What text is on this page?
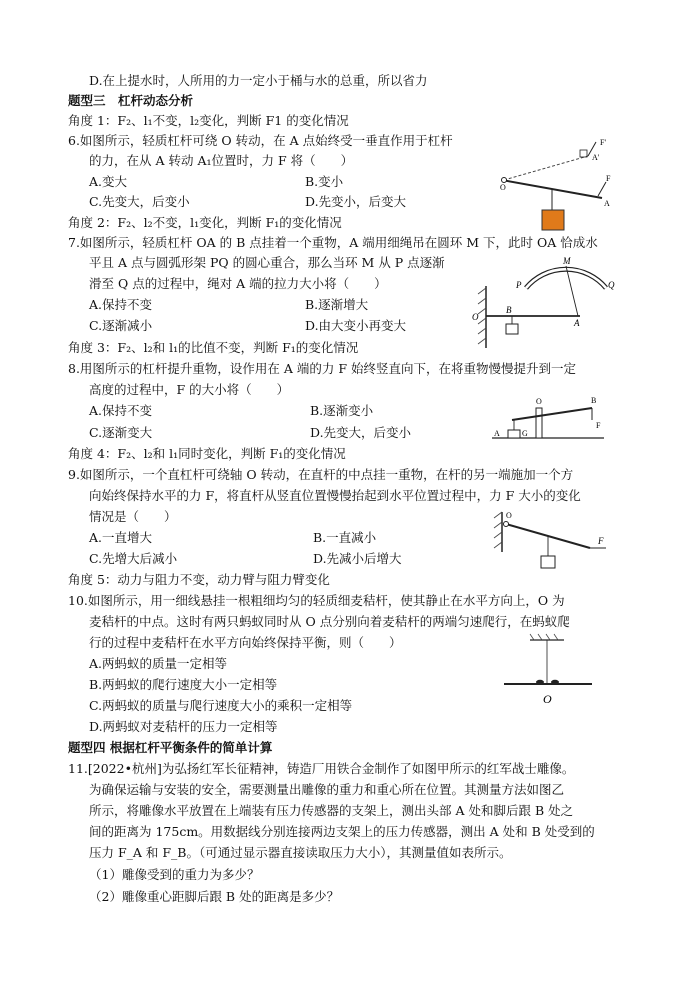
D.在上提水时，人所用的力一定小于桶与水的总重，所以省力
题型三　杠杆动态分析
角度 1：F₂、l₁不变，l₂变化，判断 F1 的变化情况
6.如图所示，轻质杠杆可绕 O 转动，在 A 点始终受一垂直作用于杠杆
的力，在从 A 转动 A₁位置时，力 F 将（　　）
A.变大	B.变小
C.先变大，后变小	D.先变小，后变大
角度 2：F₂、l₂不变，l₁变化，判断 F₁的变化情况
7.如图所示，轻质杠杆 OA 的 B 点挂着一个重物，A 端用细绳吊在圆环 M 下，此时 OA 恰成水
平且 A 点与圆弧形架 PQ 的圆心重合，那么当环 M 从 P 点逐渐
滑至 Q 点的过程中，绳对 A 端的拉力大小将（　　）
A.保持不变	B.逐渐增大
C.逐渐减小	D.由大变小再变大
角度 3：F₂、l₂和 l₁的比值不变，判断 F₁的变化情况
8.用图所示的杠杆提升重物，设作用在 A 端的力 F 始终竖直向下，在将重物慢慢提升到一定
高度的过程中，F 的大小将（　　）
A.保持不变	B.逐渐变小
C.逐渐变大	D.先变大，后变小
角度 4：F₂、l₂和 l₁同时变化，判断 F₁的变化情况
9.如图所示，一个直杠杆可绕轴 O 转动，在直杆的中点挂一重物，在杆的另一端施加一个方
向始终保持水平的力 F，将直杆从竖直位置慢慢抬起到水平位置过程中，力 F 大小的变化
情况是（　　）
A.一直增大	B.一直减小
C.先增大后减小	D.先减小后增大
角度 5：动力与阻力不变，动力臂与阻力臂变化
10.如图所示，用一细线悬挂一根粗细均匀的轻质细麦秸杆，使其静止在水平方向上，O 为
麦秸杆的中点。这时有两只蚂蚁同时从 O 点分别向着麦秸杆的两端匀速爬行，在蚂蚁爬
行的过程中麦秸杆在水平方向始终保持平衡，则（　　）
A.两蚂蚁的质量一定相等
B.两蚂蚁的爬行速度大小一定相等
C.两蚂蚁的质量与爬行速度大小的乘积一定相等
D.两蚂蚁对麦秸杆的压力一定相等
题型四 根据杠杆平衡条件的简单计算
11.[2022•杭州]为弘扬红军长征精神，铸造厂用铁合金制作了如图甲所示的红军战士雕像。
为确保运输与安装的安全，需要测量出雕像的重力和重心所在位置。其测量方法如图乙
所示，将雕像水平放置在上端装有压力传感器的支架上，测出头部 A 处和脚后跟 B 处之
间的距离为 175cm。用数据线分别连接两边支架上的压力传感器，测出 A 处和 B 处受到的
压力 F_A 和 F_B。（可通过显示器直接读取压力大小），其测量值如表所示。
（1）雕像受到的重力为多少？
（2）雕像重心距脚后跟 B 处的距离是多少？
F'
A'
F
O
A
M
P	Q
O
B
A
O	B
F
A	G
O
F
O
